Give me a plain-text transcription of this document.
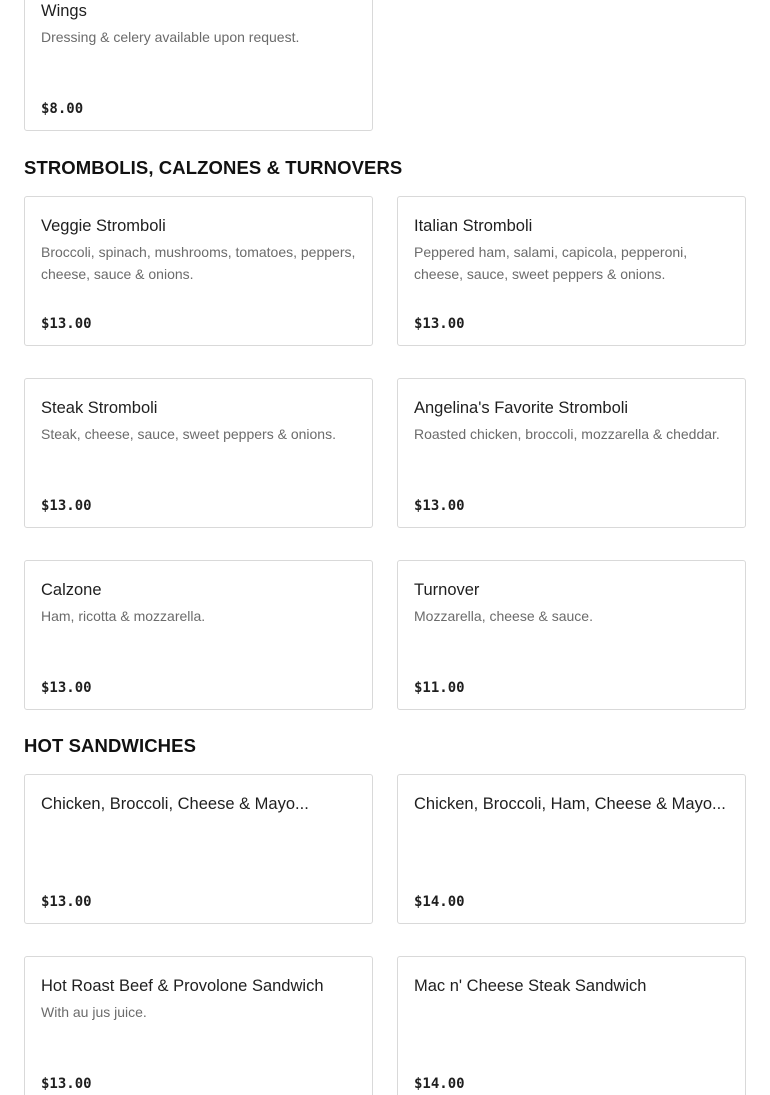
Wings
Dressing & celery available upon request.
$8.00
STROMBOLIS, CALZONES & TURNOVERS
Veggie Stromboli
Broccoli, spinach, mushrooms, tomatoes, peppers, cheese, sauce & onions.
$13.00
Italian Stromboli
Peppered ham, salami, capicola, pepperoni, cheese, sauce, sweet peppers & onions.
$13.00
Steak Stromboli
Steak, cheese, sauce, sweet peppers & onions.
$13.00
Angelina's Favorite Stromboli
Roasted chicken, broccoli, mozzarella & cheddar.
$13.00
Calzone
Ham, ricotta & mozzarella.
$13.00
Turnover
Mozzarella, cheese & sauce.
$11.00
HOT SANDWICHES
Chicken, Broccoli, Cheese & Mayo...
$13.00
Chicken, Broccoli, Ham, Cheese & Mayo...
$14.00
Hot Roast Beef & Provolone Sandwich
With au jus juice.
$13.00
Mac n' Cheese Steak Sandwich
$14.00
